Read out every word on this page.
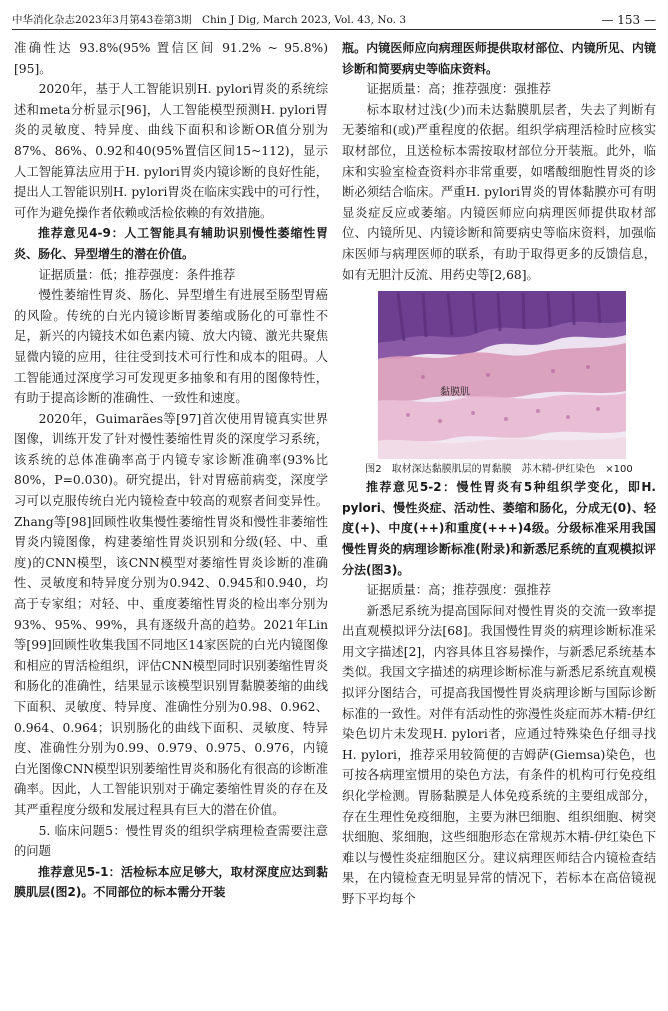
中华消化杂志2023年3月第43卷第3期　Chin J Dig, March 2023, Vol. 43, No. 3	— 153 —

准确性达 93.8%(95% 置信区间 91.2% ~ 95.8%)[95]。

2020年，基于人工智能识别H. pylori胃炎的系统综述和meta分析显示[96]，人工智能模型预测H. pylori胃炎的灵敏度、特异度、曲线下面积和诊断OR值分别为87%、86%、0.92和40(95%置信区间15~112)，显示人工智能算法应用于H. pylori胃炎内镜诊断的良好性能，提出人工智能识别H. pylori胃炎在临床实践中的可行性，可作为避免操作者依赖或活检依赖的有效措施。

推荐意见4-9：人工智能具有辅助识别慢性萎缩性胃炎、肠化、异型增生的潜在价值。

证据质量：低；推荐强度：条件推荐

慢性萎缩性胃炎、肠化、异型增生有进展至肠型胃癌的风险。传统的白光内镜诊断胃萎缩或肠化的可靠性不足，新兴的内镜技术如色素内镜、放大内镜、激光共聚焦显微内镜的应用，往往受到技术可行性和成本的阻碍。人工智能通过深度学习可发现更多抽象和有用的图像特性，有助于提高诊断的准确性、一致性和速度。

2020年，Guimarães等[97]首次使用胃镜真实世界图像，训练开发了针对慢性萎缩性胃炎的深度学习系统，该系统的总体准确率高于内镜专家诊断准确率(93%比80%，P=0.030)。研究提出，针对胃癌前病变，深度学习可以克服传统白光内镜检查中较高的观察者间变异性。Zhang等[98]回顾性收集慢性萎缩性胃炎和慢性非萎缩性胃炎内镜图像，构建萎缩性胃炎识别和分级(轻、中、重度)的CNN模型，该CNN模型对萎缩性胃炎诊断的准确性、灵敏度和特异度分别为0.942、0.945和0.940，均高于专家组；对轻、中、重度萎缩性胃炎的检出率分别为93%、95%、99%，具有逐级升高的趋势。2021年Lin等[99]回顾性收集我国不同地区14家医院的白光内镜图像和相应的胃活检组织，评估CNN模型同时识别萎缩性胃炎和肠化的准确性，结果显示该模型识别胃黏膜萎缩的曲线下面积、灵敏度、特异度、准确性分别为0.98、0.962、0.964、0.964；识别肠化的曲线下面积、灵敏度、特异度、准确性分别为0.99、0.979、0.975、0.976，内镜白光图像CNN模型识别萎缩性胃炎和肠化有很高的诊断准确率。因此，人工智能识别对于确定萎缩性胃炎的存在及其严重程度分级和发展过程具有巨大的潜在价值。

5. 临床问题5：慢性胃炎的组织学病理检查需要注意的问题

推荐意见5-1：活检标本应足够大，取材深度应达到黏膜肌层(图2)。不同部位的标本需分开装

瓶。内镜医师应向病理医师提供取材部位、内镜所见、内镜诊断和简要病史等临床资料。

证据质量：高；推荐强度：强推荐

标本取材过浅(少)而未达黏膜肌层者，失去了判断有无萎缩和(或)严重程度的依据。组织学病理活检时应核实取材部位，且送检标本需按取材部位分开装瓶。此外，临床和实验室检查资料亦非常重要，如嗜酸细胞性胃炎的诊断必须结合临床。严重H. pylori胃炎的胃体黏膜亦可有明显炎症反应或萎缩。内镜医师应向病理医师提供取材部位、内镜所见、内镜诊断和简要病史等临床资料，加强临床医师与病理医师的联系，有助于取得更多的反馈信息，如有无胆汁反流、用药史等[2,68]。

黏膜肌

图2　取材深达黏膜肌层的胃黏膜　苏木精-伊红染色　×100

推荐意见5-2：慢性胃炎有5种组织学变化，即H. pylori、慢性炎症、活动性、萎缩和肠化，分成无(0)、轻度(+)、中度(++)和重度(+++)4级。分级标准采用我国慢性胃炎的病理诊断标准(附录)和新悉尼系统的直观模拟评分法(图3)。

证据质量：高；推荐强度：强推荐

新悉尼系统为提高国际间对慢性胃炎的交流一致率提出直观模拟评分法[68]。我国慢性胃炎的病理诊断标准采用文字描述[2]，内容具体且容易操作，与新悉尼系统基本类似。我国文字描述的病理诊断标准与新悉尼系统直观模拟评分图结合，可提高我国慢性胃炎病理诊断与国际诊断标准的一致性。对伴有活动性的弥漫性炎症而苏木精-伊红染色切片未发现H. pylori者，应通过特殊染色仔细寻找H. pylori，推荐采用较简便的吉姆萨(Giemsa)染色，也可按各病理室惯用的染色方法，有条件的机构可行免疫组织化学检测。胃肠黏膜是人体免疫系统的主要组成部分，存在生理性免疫细胞，主要为淋巴细胞、组织细胞、树突状细胞、浆细胞，这些细胞形态在常规苏木精-伊红染色下难以与慢性炎症细胞区分。建议病理医师结合内镜检查结果，在内镜检查无明显异常的情况下，若标本在高倍镜视野下平均每个
